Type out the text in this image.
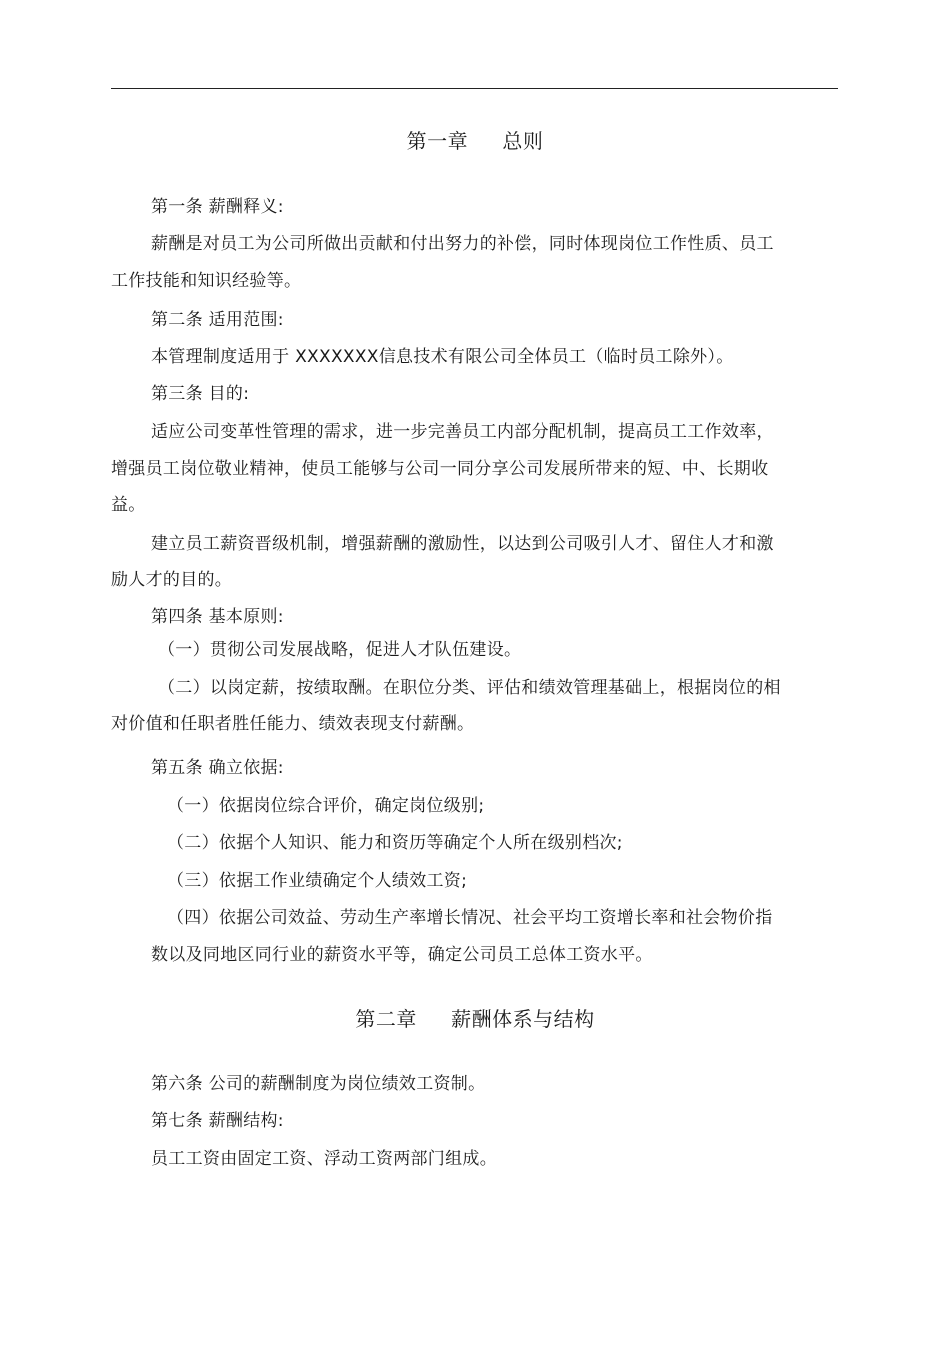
第一章     总则
第一条 薪酬释义:
薪酬是对员工为公司所做出贡献和付出努力的补偿，同时体现岗位工作性质、员工
工作技能和知识经验等。
第二条 适用范围:
本管理制度适用于 XXXXXXX信息技术有限公司全体员工（临时员工除外）。
第三条 目的:
适应公司变革性管理的需求，进一步完善员工内部分配机制，提高员工工作效率，
增强员工岗位敬业精神，使员工能够与公司一同分享公司发展所带来的短、中、长期收
益。
建立员工薪资晋级机制，增强薪酬的激励性，以达到公司吸引人才、留住人才和激
励人才的目的。
第四条 基本原则:
（一）贯彻公司发展战略，促进人才队伍建设。
（二）以岗定薪，按绩取酬。在职位分类、评估和绩效管理基础上，根据岗位的相
对价值和任职者胜任能力、绩效表现支付薪酬。
第五条 确立依据:
（一）依据岗位综合评价，确定岗位级别;
（二）依据个人知识、能力和资历等确定个人所在级别档次;
（三）依据工作业绩确定个人绩效工资;
（四）依据公司效益、劳动生产率增长情况、社会平均工资增长率和社会物价指
数以及同地区同行业的薪资水平等，确定公司员工总体工资水平。
第二章     薪酬体系与结构
第六条 公司的薪酬制度为岗位绩效工资制。
第七条 薪酬结构:
员工工资由固定工资、浮动工资两部门组成。
